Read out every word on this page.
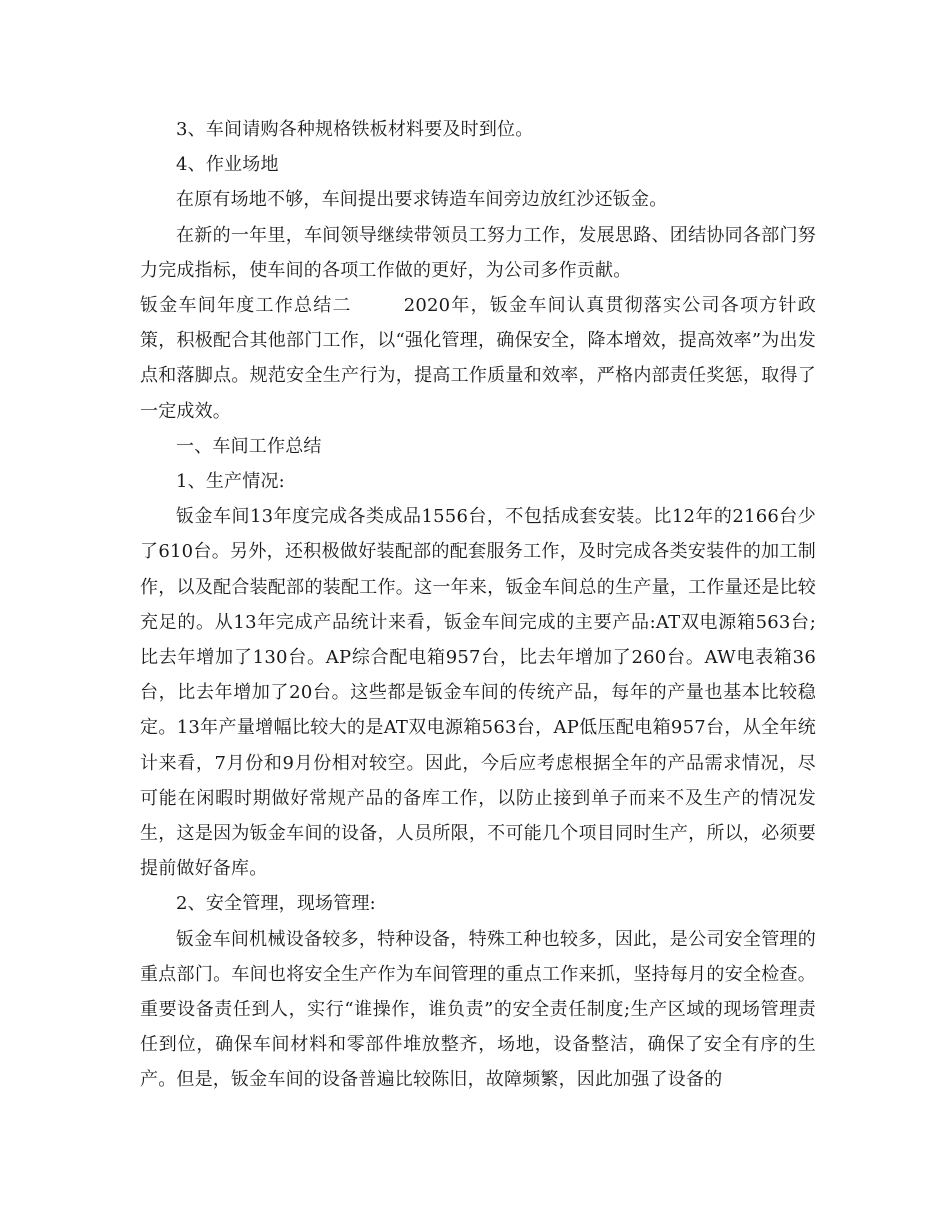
3、车间请购各种规格铁板材料要及时到位。

4、作业场地

在原有场地不够，车间提出要求铸造车间旁边放红沙还钣金。

在新的一年里，车间领导继续带领员工努力工作，发展思路、团结协同各部门努力完成指标，使车间的各项工作做的更好，为公司多作贡献。

钣金车间年度工作总结二	2020年，钣金车间认真贯彻落实公司各项方针政策，积极配合其他部门工作，以“强化管理，确保安全，降本增效，提高效率”为出发点和落脚点。规范安全生产行为，提高工作质量和效率，严格内部责任奖惩，取得了一定成效。

一、车间工作总结

1、生产情况:

钣金车间13年度完成各类成品1556台，不包括成套安装。比12年的2166台少了610台。另外，还积极做好装配部的配套服务工作，及时完成各类安装件的加工制作，以及配合装配部的装配工作。这一年来，钣金车间总的生产量，工作量还是比较充足的。从13年完成产品统计来看，钣金车间完成的主要产品:AT双电源箱563台;比去年增加了130台。AP综合配电箱957台，比去年增加了260台。AW电表箱36台，比去年增加了20台。这些都是钣金车间的传统产品，每年的产量也基本比较稳定。13年产量增幅比较大的是AT双电源箱563台，AP低压配电箱957台，从全年统计来看，7月份和9月份相对较空。因此，今后应考虑根据全年的产品需求情况，尽可能在闲暇时期做好常规产品的备库工作，以防止接到单子而来不及生产的情况发生，这是因为钣金车间的设备，人员所限，不可能几个项目同时生产，所以，必须要提前做好备库。

2、安全管理，现场管理:

钣金车间机械设备较多，特种设备，特殊工种也较多，因此，是公司安全管理的重点部门。车间也将安全生产作为车间管理的重点工作来抓，坚持每月的安全检查。重要设备责任到人，实行“谁操作，谁负责”的安全责任制度;生产区域的现场管理责任到位，确保车间材料和零部件堆放整齐，场地，设备整洁，确保了安全有序的生产。但是，钣金车间的设备普遍比较陈旧，故障频繁，因此加强了设备的
